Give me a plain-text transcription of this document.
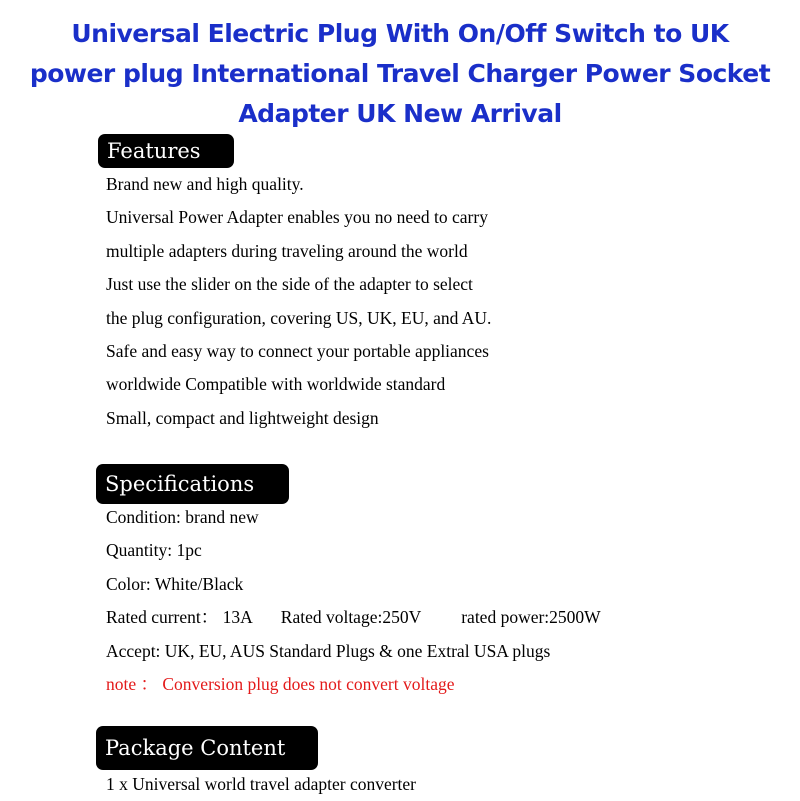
Universal Electric Plug With On/Off Switch to UK
power plug International Travel Charger Power Socket
Adapter UK New Arrival
Features
Brand new and high quality.
Universal Power Adapter enables you no need to carry
multiple adapters during traveling around the world
Just use the slider on the side of the adapter to select
the plug configuration, covering US, UK, EU, and AU.
Safe and easy way to connect your portable appliances
worldwide Compatible with worldwide standard
Small, compact and lightweight design
Specifications
Condition: brand new
Quantity: 1pc
Color: White/Black
Rated current： 13A Rated voltage:250V rated power:2500W
Accept: UK, EU, AUS Standard Plugs & one Extral USA plugs
note ： Conversion plug does not convert voltage
Package Content
1 x Universal world travel adapter converter
